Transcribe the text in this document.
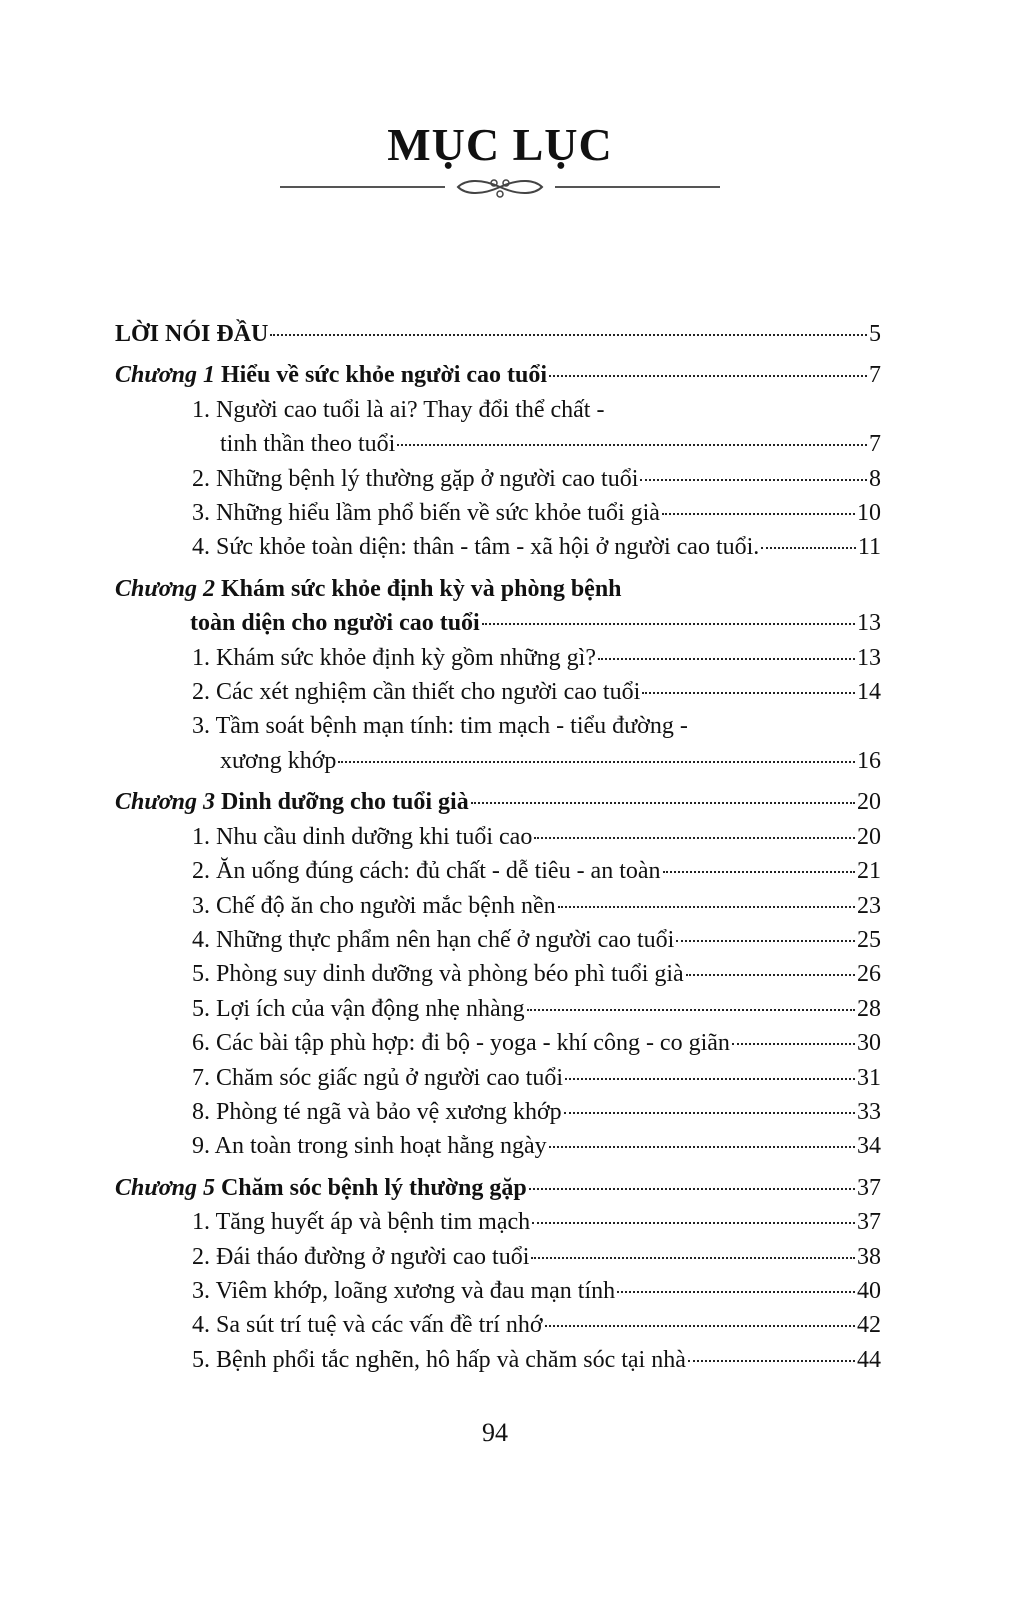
MỤC LỤC
LỜI NÓI ĐẦU	5
Chương 1 Hiểu về sức khỏe người cao tuổi	7
1. Người cao tuổi là ai? Thay đổi thể chất -
tinh thần theo tuổi	7
2. Những bệnh lý thường gặp ở người cao tuổi	8
3. Những hiểu lầm phổ biến về sức khỏe tuổi già	10
4. Sức khỏe toàn diện: thân - tâm - xã hội ở người cao tuổi.	11
Chương 2 Khám sức khỏe định kỳ và phòng bệnh
toàn diện cho người cao tuổi	13
1. Khám sức khỏe định kỳ gồm những gì?	13
2. Các xét nghiệm cần thiết cho người cao tuổi	14
3. Tầm soát bệnh mạn tính: tim mạch - tiểu đường -
xương khớp	16
Chương 3 Dinh dưỡng cho tuổi già	20
1. Nhu cầu dinh dưỡng khi tuổi cao	20
2. Ăn uống đúng cách: đủ chất - dễ tiêu - an toàn	21
3. Chế độ ăn cho người mắc bệnh nền	23
4. Những thực phẩm nên hạn chế ở người cao tuổi	25
5. Phòng suy dinh dưỡng và phòng béo phì tuổi già	26
5. Lợi ích của vận động nhẹ nhàng	28
6. Các bài tập phù hợp: đi bộ - yoga - khí công - co giãn	30
7. Chăm sóc giấc ngủ ở người cao tuổi	31
8. Phòng té ngã và bảo vệ xương khớp	33
9. An toàn trong sinh hoạt hằng ngày	34
Chương 5 Chăm sóc bệnh lý thường gặp	37
1. Tăng huyết áp và bệnh tim mạch	37
2. Đái tháo đường ở người cao tuổi	38
3. Viêm khớp, loãng xương và đau mạn tính	40
4. Sa sút trí tuệ và các vấn đề trí nhớ	42
5. Bệnh phổi tắc nghẽn, hô hấp và chăm sóc tại nhà	44
94
